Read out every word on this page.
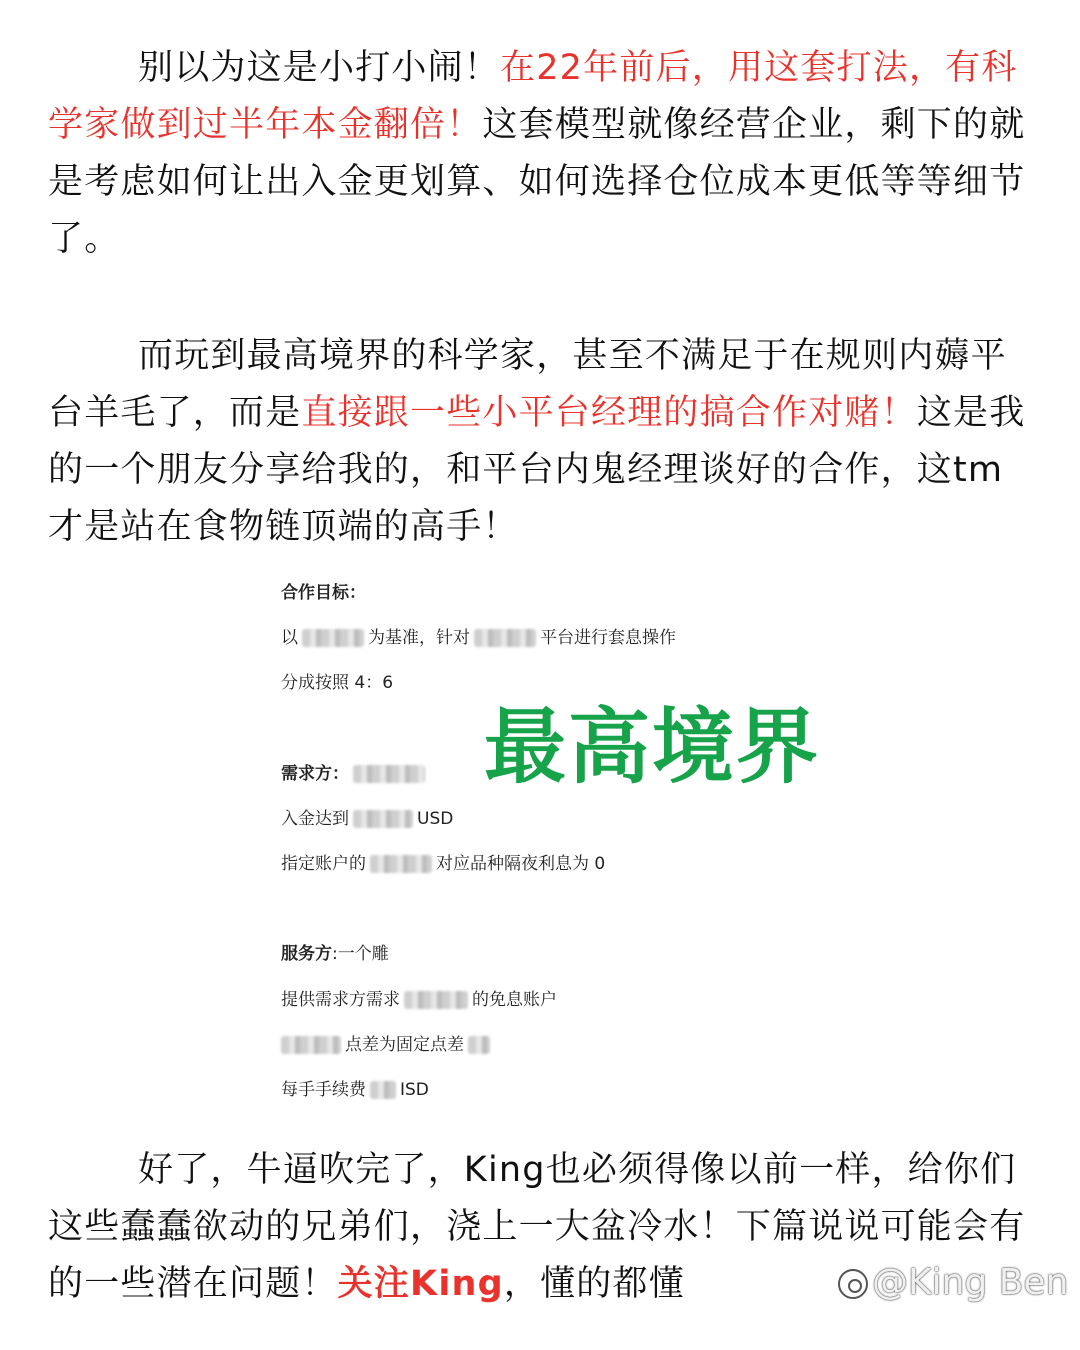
别以为这是小打小闹！在22年前后，用这套打法，有科学家做到过半年本金翻倍！这套模型就像经营企业，剩下的就是考虑如何让出入金更划算、如何选择仓位成本更低等等细节了。

而玩到最高境界的科学家，甚至不满足于在规则内薅平台羊毛了，而是直接跟一些小平台经理的搞合作对赌！这是我的一个朋友分享给我的，和平台内鬼经理谈好的合作，这tm才是站在食物链顶端的高手！

合作目标：
以	为基准，针对	平台进行套息操作
分成按照 4：6
需求方：
入金达到	USD
指定账户的	对应品种隔夜利息为 0
服务方:一个雕
提供需求方需求	的免息账户
点差为固定点差
每手手续费 ISD
最高境界

好了，牛逼吹完了，King也必须得像以前一样，给你们这些蠢蠢欲动的兄弟们，浇上一大盆冷水！下篇说说可能会有的一些潜在问题！关注King，懂的都懂	@King Ben
